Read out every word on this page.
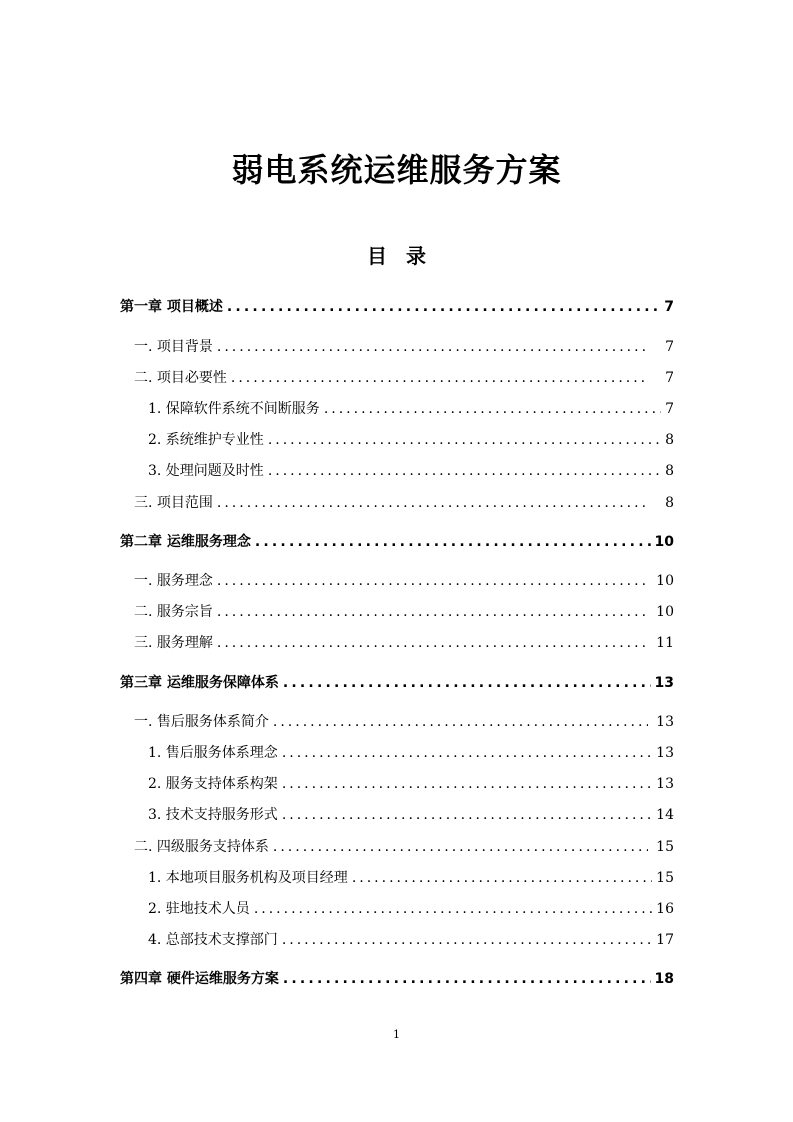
弱电系统运维服务方案
目 录
第一章 项目概述 .....	7
一. 项目背景 .....	7
二. 项目必要性 .....	7
1. 保障软件系统不间断服务 .....	7
2. 系统维护专业性 .....	8
3. 处理问题及时性 .....	8
三. 项目范围 .....	8
第二章 运维服务理念 .....	10
一. 服务理念 .....	10
二. 服务宗旨 .....	10
三. 服务理解 .....	11
第三章 运维服务保障体系 .....	13
一. 售后服务体系简介 .....	13
1. 售后服务体系理念 .....	13
2. 服务支持体系构架 .....	13
3. 技术支持服务形式 .....	14
二. 四级服务支持体系 .....	15
1. 本地项目服务机构及项目经理 .....	15
2. 驻地技术人员 .....	16
4. 总部技术支撑部门 .....	17
第四章 硬件运维服务方案 .....	18
1
